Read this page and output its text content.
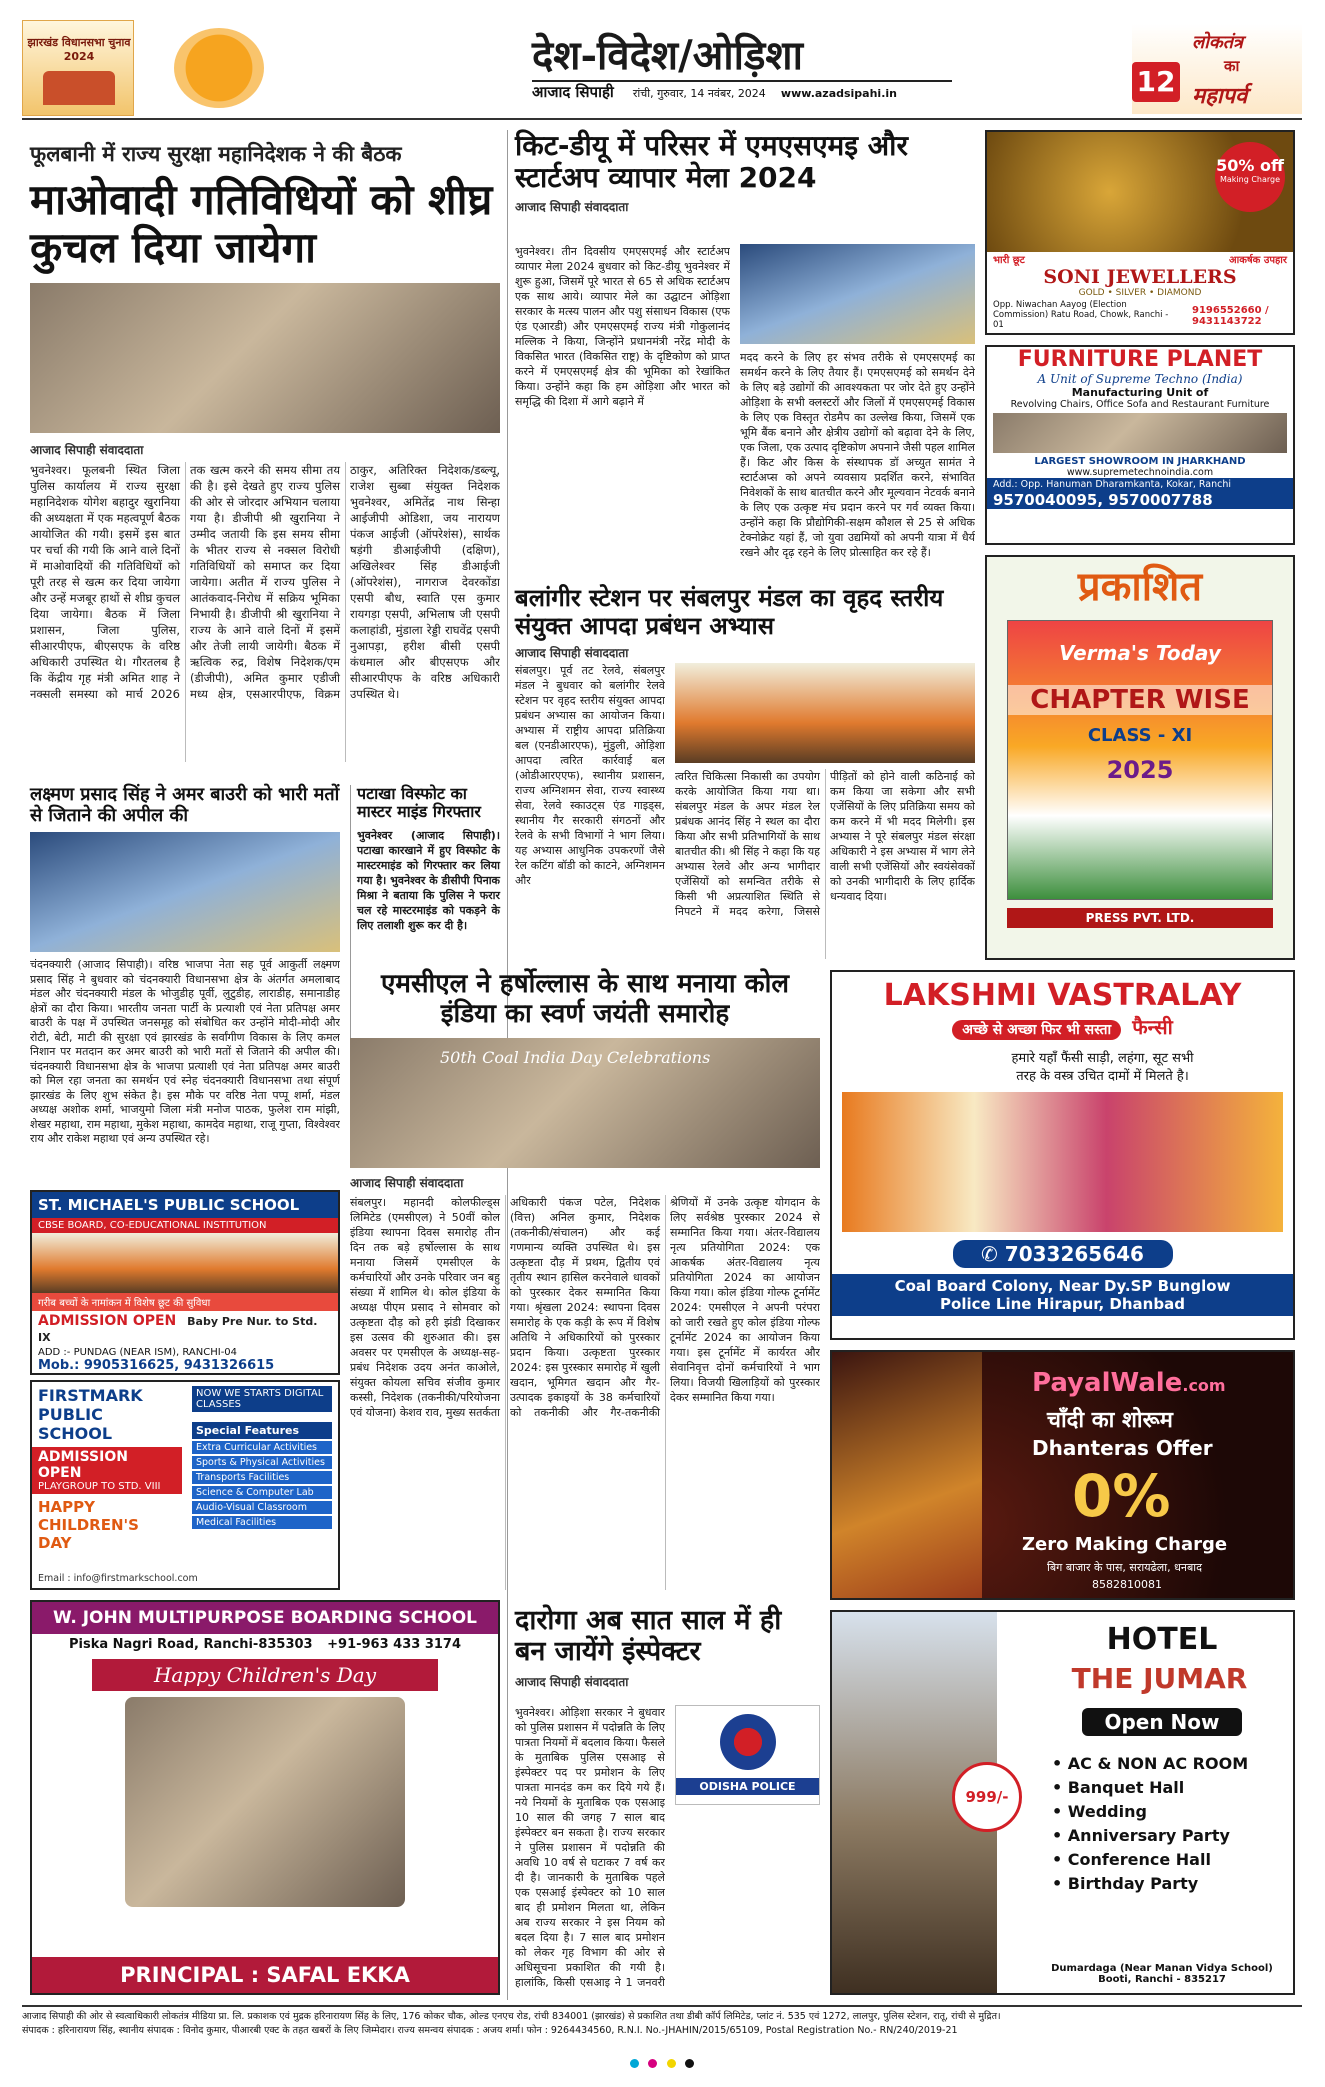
झारखंड विधानसभा चुनाव 2024	देश-विदेश/ओड़िशा
आजाद सिपाही रांची, गुरुवार, 14 नवंबर, 2024 www.azadsipahi.in	12
लोकतंत्र
का
महापर्व
फूलबानी में राज्य सुरक्षा महानिदेशक ने की बैठक
माओवादी गतिविधियों को शीघ्र कुचल दिया जायेगा
आजाद सिपाही संवाददाता
भुवनेश्वर। फूलबनी स्थित जिला पुलिस कार्यालय में राज्य सुरक्षा महानिदेशक योगेश बहादुर खुरानिया की अध्यक्षता में एक महत्वपूर्ण बैठक आयोजित की गयी। इसमें इस बात पर चर्चा की गयी कि आने वाले दिनों में माओवादियों की गतिविधियों को पूरी तरह से खत्म कर दिया जायेगा और उन्हें मजबूर हाथों से शीघ्र कुचल दिया जायेगा। बैठक में जिला प्रशासन, जिला पुलिस, सीआरपीएफ, बीएसएफ के वरिष्ठ अधिकारी उपस्थित थे। गौरतलब है कि केंद्रीय गृह मंत्री अमित शाह ने नक्सली समस्या को मार्च 2026 तक खत्म करने की समय सीमा तय की है। इसे देखते हुए राज्य पुलिस की ओर से जोरदार अभियान चलाया गया है। डीजीपी श्री खुरानिया ने उम्मीद जतायी कि इस समय सीमा के भीतर राज्य से नक्सल विरोधी गतिविधियों को समाप्त कर दिया जायेगा। अतीत में राज्य पुलिस ने आतंकवाद-निरोध में सक्रिय भूमिका निभायी है। डीजीपी श्री खुरानिया ने राज्य के आने वाले दिनों में इसमें और तेजी लायी जायेगी। बैठक में ऋत्विक रुद्र, विशेष निदेशक/एम (डीजीपी), अमित कुमार एडीजी मध्य क्षेत्र, एसआरपीएफ, विक्रम ठाकुर, अतिरिक्त निदेशक/डब्ल्यू, राजेश सुब्बा संयुक्त निदेशक भुवनेश्वर, अमितेंद्र नाथ सिन्हा आईजीपी ओडिशा, जय नारायण पंकज आईजी (ऑपरेशंस), सार्थक षड़ंगी डीआईजीपी (दक्षिण), अखिलेश्वर सिंह डीआईजी (ऑपरेशंस), नागराज देवरकोंडा एसपी बौध, स्वाति एस कुमार रायगड़ा एसपी, अभिलाष जी एसपी कलाहांडी, मुंडाला रेड्डी राघवेंद्र एसपी नुआपड़ा, हरीश बीसी एसपी कंधमाल और बीएसएफ और सीआरपीएफ के वरिष्ठ अधिकारी उपस्थित थे।
लक्ष्मण प्रसाद सिंह ने अमर बाउरी को भारी मतों से जिताने की अपील की
चंदनक्यारी (आजाद सिपाही)। वरिष्ठ भाजपा नेता सह पूर्व आकुर्ती लक्ष्मण प्रसाद सिंह ने बुधवार को चंदनक्यारी विधानसभा क्षेत्र के अंतर्गत अमलाबाद मंडल और चंदनक्यारी मंडल के भोजुडीह पूर्वी, लुटुडीह, लाराडीह, समानाडीह क्षेत्रों का दौरा किया। भारतीय जनता पार्टी के प्रत्याशी एवं नेता प्रतिपक्ष अमर बाउरी के पक्ष में उपस्थित जनसमूह को संबोधित कर उन्होंने मोदी-मोदी और रोटी, बेटी, माटी की सुरक्षा एवं झारखंड के सर्वांगीण विकास के लिए कमल निशान पर मतदान कर अमर बाउरी को भारी मतों से जिताने की अपील की। चंदनक्यारी विधानसभा क्षेत्र के भाजपा प्रत्याशी एवं नेता प्रतिपक्ष अमर बाउरी को मिल रहा जनता का समर्थन एवं स्नेह चंदनक्यारी विधानसभा तथा संपूर्ण झारखंड के लिए शुभ संकेत है। इस मौके पर वरिष्ठ नेता पप्पू शर्मा, मंडल अध्यक्ष अशोक शर्मा, भाजयुमो जिला मंत्री मनोज पाठक, फुलेश राम मांझी, शेखर महाथा, राम महाथा, मुकेश महाथा, कामदेव महाथा, राजू गुप्ता, विश्वेश्वर राय और राकेश महाथा एवं अन्य उपस्थित रहे।
पटाखा विस्फोट का मास्टर माइंड गिरफ्तार
भुवनेश्वर (आजाद सिपाही)। पटाखा कारखाने में हुए विस्फोट के मास्टरमाइंड को गिरफ्तार कर लिया गया है। भुवनेश्वर के डीसीपी पिनाक मिश्रा ने बताया कि पुलिस ने फरार चल रहे मास्टरमाइंड को पकड़ने के लिए तलाशी शुरू कर दी है।
ST. MICHAEL'S PUBLIC SCHOOL
CBSE BOARD, CO-EDUCATIONAL INSTITUTION
गरीब बच्चों के नामांकन में विशेष छूट की सुविधा
ADMISSION OPEN Baby Pre Nur. to Std. IX
ADD :- PUNDAG (NEAR ISM), RANCHI-04
Mob.: 9905316625, 9431326615
FIRSTMARK PUBLIC SCHOOL
NOW WE STARTS DIGITAL CLASSES
ADMISSION OPEN
PLAYGROUP TO STD. VIII
HAPPY CHILDREN'S DAY
Special Features
Extra Curricular Activities
Sports & Physical Activities
Transports Facilities
Science & Computer Lab
Audio-Visual Classroom
Medical Facilities
Email : info@firstmarkschool.com
W. JOHN MULTIPURPOSE BOARDING SCHOOL
Piska Nagri Road, Ranchi-835303 +91-963 433 3174
Happy Children's Day
PRINCIPAL : SAFAL EKKA
किट-डीयू में परिसर में एमएसएमइ और स्टार्टअप व्यापार मेला 2024
आजाद सिपाही संवाददाता
भुवनेश्वर। तीन दिवसीय एमएसएमई और स्टार्टअप व्यापार मेला 2024 बुधवार को किट-डीयू भुवनेश्वर में शुरू हुआ, जिसमें पूरे भारत से 65 से अधिक स्टार्टअप एक साथ आये। व्यापार मेले का उद्घाटन ओड़िशा सरकार के मत्स्य पालन और पशु संसाधन विकास (एफ एंड एआरडी) और एमएसएमई राज्य मंत्री गोकुलानंद मल्लिक ने किया, जिन्होंने प्रधानमंत्री नरेंद्र मोदी के विकसित भारत (विकसित राष्ट्र) के दृष्टिकोण को प्राप्त करने में एमएसएमई क्षेत्र की भूमिका को रेखांकित किया। उन्होंने कहा कि हम ओड़िशा और भारत को समृद्धि की दिशा में आगे बढ़ाने में
मदद करने के लिए हर संभव तरीके से एमएसएमई का समर्थन करने के लिए तैयार हैं। एमएसएमई को समर्थन देने के लिए बड़े उद्योगों की आवश्यकता पर जोर देते हुए उन्होंने ओड़िशा के सभी क्लस्टरों और जिलों में एमएसएमई विकास के लिए एक विस्तृत रोडमैप का उल्लेख किया, जिसमें एक भूमि बैंक बनाने और क्षेत्रीय उद्योगों को बढ़ावा देने के लिए, एक जिला, एक उत्पाद दृष्टिकोण अपनाने जैसी पहल शामिल हैं। किट और किस के संस्थापक डॉ अच्युत सामंत ने स्टार्टअप्स को अपने व्यवसाय प्रदर्शित करने, संभावित निवेशकों के साथ बातचीत करने और मूल्यवान नेटवर्क बनाने के लिए एक उत्कृष्ट मंच प्रदान करने पर गर्व व्यक्त किया। उन्होंने कहा कि प्रौद्योगिकी-सक्षम कौशल से 25 से अधिक टेक्नोक्रेट यहां हैं, जो युवा उद्यमियों को अपनी यात्रा में धैर्य रखने और दृढ़ रहने के लिए प्रोत्साहित कर रहे हैं।
बलांगीर स्टेशन पर संबलपुर मंडल का वृहद स्तरीय संयुक्त आपदा प्रबंधन अभ्यास
आजाद सिपाही संवाददाता
संबलपुर। पूर्व तट रेलवे, संबलपुर मंडल ने बुधवार को बलांगीर रेलवे स्टेशन पर वृहद स्तरीय संयुक्त आपदा प्रबंधन अभ्यास का आयोजन किया। अभ्यास में राष्ट्रीय आपदा प्रतिक्रिया बल (एनडीआरएफ), मुंडुली, ओड़िशा आपदा त्वरित कार्रवाई बल (ओडीआरएएफ), स्थानीय प्रशासन, राज्य अग्निशमन सेवा, राज्य स्वास्थ्य सेवा, रेलवे स्काउट्स एंड गाइड्स, स्थानीय गैर सरकारी संगठनों और रेलवे के सभी विभागों ने भाग लिया। यह अभ्यास आधुनिक उपकरणों जैसे रेल कटिंग बॉडी को काटने, अग्निशमन और
त्वरित चिकित्सा निकासी का उपयोग करके आयोजित किया गया था। संबलपुर मंडल के अपर मंडल रेल प्रबंधक आनंद सिंह ने स्थल का दौरा किया और सभी प्रतिभागियों के साथ बातचीत की। श्री सिंह ने कहा कि यह अभ्यास रेलवे और अन्य भागीदार एजेंसियों को समन्वित तरीके से किसी भी अप्रत्याशित स्थिति से निपटने में मदद करेगा, जिससे पीड़ितों को होने वाली कठिनाई को कम किया जा सकेगा और सभी एजेंसियों के लिए प्रतिक्रिया समय को कम करने में भी मदद मिलेगी। इस अभ्यास ने पूरे संबलपुर मंडल संरक्षा अधिकारी ने इस अभ्यास में भाग लेने वाली सभी एजेंसियों और स्वयंसेवकों को उनकी भागीदारी के लिए हार्दिक धन्यवाद दिया।
एमसीएल ने हर्षोल्लास के साथ मनाया कोल इंडिया का स्वर्ण जयंती समारोह
50th Coal India Day Celebrations
आजाद सिपाही संवाददाता
संबलपुर। महानदी कोलफील्ड्स लिमिटेड (एमसीएल) ने 50वीं कोल इंडिया स्थापना दिवस समारोह तीन दिन तक बड़े हर्षोल्लास के साथ मनाया जिसमें एमसीएल के कर्मचारियों और उनके परिवार जन बहु संख्या में शामिल थे। कोल इंडिया के अध्यक्ष पीएम प्रसाद ने सोमवार को उत्कृष्टता दौड़ को हरी झंडी दिखाकर इस उत्सव की शुरुआत की। इस अवसर पर एमसीएल के अध्यक्ष-सह-प्रबंध निदेशक उदय अनंत काओले, संयुक्त कोयला सचिव संजीव कुमार कस्सी, निदेशक (तकनीकी/परियोजना एवं योजना) केशव राव, मुख्य सतर्कता अधिकारी पंकज पटेल, निदेशक (वित्त) अनिल कुमार, निदेशक (तकनीकी/संचालन) और कई गणमान्य व्यक्ति उपस्थित थे। इस उत्कृष्टता दौड़ में प्रथम, द्वितीय एवं तृतीय स्थान हासिल करनेवाले धावकों को पुरस्कार देकर सम्मानित किया गया। श्रृंखला 2024: स्थापना दिवस समारोह के एक कड़ी के रूप में विशेष अतिथि ने अधिकारियों को पुरस्कार प्रदान किया। उत्कृष्टता पुरस्कार 2024: इस पुरस्कार समारोह में खुली खदान, भूमिगत खदान और गैर-उत्पादक इकाइयों के 38 कर्मचारियों को तकनीकी और गैर-तकनीकी श्रेणियों में उनके उत्कृष्ट योगदान के लिए सर्वश्रेष्ठ पुरस्कार 2024 से सम्मानित किया गया। अंतर-विद्यालय नृत्य प्रतियोगिता 2024: एक आकर्षक अंतर-विद्यालय नृत्य प्रतियोगिता 2024 का आयोजन किया गया। कोल इंडिया गोल्फ टूर्नामेंट 2024: एमसीएल ने अपनी परंपरा को जारी रखते हुए कोल इंडिया गोल्फ टूर्नामेंट 2024 का आयोजन किया गया। इस टूर्नामेंट में कार्यरत और सेवानिवृत्त दोनों कर्मचारियों ने भाग लिया। विजयी खिलाड़ियों को पुरस्कार देकर सम्मानित किया गया।
दारोगा अब सात साल में ही बन जायेंगे इंस्पेक्टर
आजाद सिपाही संवाददाता
भुवनेश्वर। ओड़िशा सरकार ने बुधवार को पुलिस प्रशासन में पदोन्नति के लिए पात्रता नियमों में बदलाव किया। फैसले के मुताबिक पुलिस एसआइ से इंस्पेक्टर पद पर प्रमोशन के लिए पात्रता मानदंड कम कर दिये गये हैं। नये नियमों के मुताबिक एक एसआइ 10 साल की जगह 7 साल बाद इंस्पेक्टर बन सकता है। राज्य सरकार ने पुलिस प्रशासन में पदोन्नति की अवधि 10 वर्ष से घटाकर 7 वर्ष कर दी है। जानकारी के मुताबिक पहले एक एसआई इंस्पेक्टर को 10 साल बाद ही प्रमोशन मिलता था, लेकिन अब राज्य सरकार ने इस नियम को बदल दिया है। 7 साल बाद प्रमोशन को लेकर गृह विभाग की ओर से अधिसूचना प्रकाशित की गयी है। हालांकि, किसी एसआइ ने 1 जनवरी
ODISHA POLICE
50% off
Making Charge
भारी छूट	आकर्षक उपहार
SONI JEWELLERS
GOLD • SILVER • DIAMOND
Opp. Niwachan Aayog (Election Commission) Ratu Road, Chowk, Ranchi - 01
9196552660 / 9431143722
FURNITURE PLANET
A Unit of Supreme Techno (India)
Manufacturing Unit of
Revolving Chairs, Office Sofa and Restaurant Furniture
LARGEST SHOWROOM IN JHARKHAND
www.supremetechnoindia.com
Add.: Opp. Hanuman Dharamkanta, Kokar, Ranchi
9570040095, 9570007788
प्रकाशित
Verma's Today
CHAPTER WISE
CLASS - XI
2025
PRESS PVT. LTD.
LAKSHMI VASTRALAY
अच्छे से अच्छा फिर भी सस्ता फैन्सी
हमारे यहाँ फैंसी साड़ी, लहंगा, सूट सभी
तरह के वस्त्र उचित दामों में मिलते है।
✆ 7033265646
Coal Board Colony, Near Dy.SP Bunglow
Police Line Hirapur, Dhanbad
PayalWale.com
चाँदी का शोरूम
Dhanteras Offer
0%
Zero Making Charge
बिग बाजार के पास, सरायढेला, धनबाद
8582810081
999/-
HOTEL
THE JUMAR
Open Now
• AC & NON AC ROOM
• Banquet Hall
• Wedding
• Anniversary Party
• Conference Hall
• Birthday Party
Dumardaga (Near Manan Vidya School) Booti, Ranchi - 835217
आजाद सिपाही की ओर से स्वत्वाधिकारी लोकतंत्र मीडिया प्रा. लि. प्रकाशक एवं मुद्रक हरिनारायण सिंह के लिए, 176 कोकर चौक, ओल्ड एनएच रोड, रांची 834001 (झारखंड) से प्रकाशित तथा डीबी कॉर्प लिमिटेड, प्लांट नं. 535 एवं 1272, लालपुर, पुलिस स्टेशन, रातू, रांची से मुद्रित।
संपादक : हरिनारायण सिंह, स्थानीय संपादक : विनोद कुमार, पीआरबी एक्ट के तहत खबरों के लिए जिम्मेदार। राज्य समन्वय संपादक : अजय शर्मा। फोन : 9264434560, R.N.I. No.-JHAHIN/2015/65109, Postal Registration No.- RN/240/2019-21
